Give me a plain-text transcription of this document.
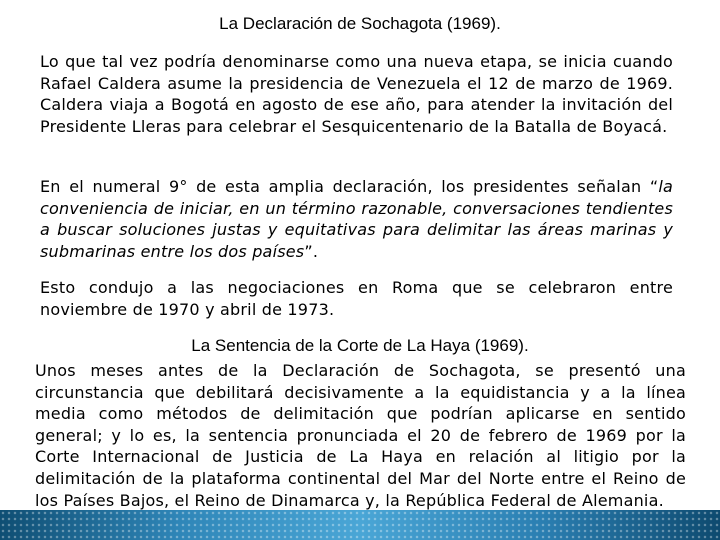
La Declaración de Sochagota (1969).

Lo que tal vez podría denominarse como una nueva etapa, se inicia cuando Rafael Caldera asume la presidencia de Venezuela el 12 de marzo de 1969. Caldera viaja a Bogotá en agosto de ese año, para atender la invitación del Presidente Lleras para celebrar el Sesquicentenario de la Batalla de Boyacá.

En el numeral 9° de esta amplia declaración, los presidentes señalan “la conveniencia de iniciar, en un término razonable, conversaciones tendientes a buscar soluciones justas y equitativas para delimitar las áreas marinas y submarinas entre los dos países”.

Esto condujo a las negociaciones en Roma que se celebraron entre noviembre de 1970 y abril de 1973.

La Sentencia de la Corte de La Haya (1969).

Unos meses antes de la Declaración de Sochagota, se presentó una circunstancia que debilitará decisivamente a la equidistancia y a la línea media como métodos de delimitación que podrían aplicarse en sentido general; y lo es, la sentencia pronunciada el 20 de febrero de 1969 por la Corte Internacional de Justicia de La Haya en relación al litigio por la delimitación de la plataforma continental del Mar del Norte entre el Reino de los Países Bajos, el Reino de Dinamarca y, la República Federal de Alemania.
